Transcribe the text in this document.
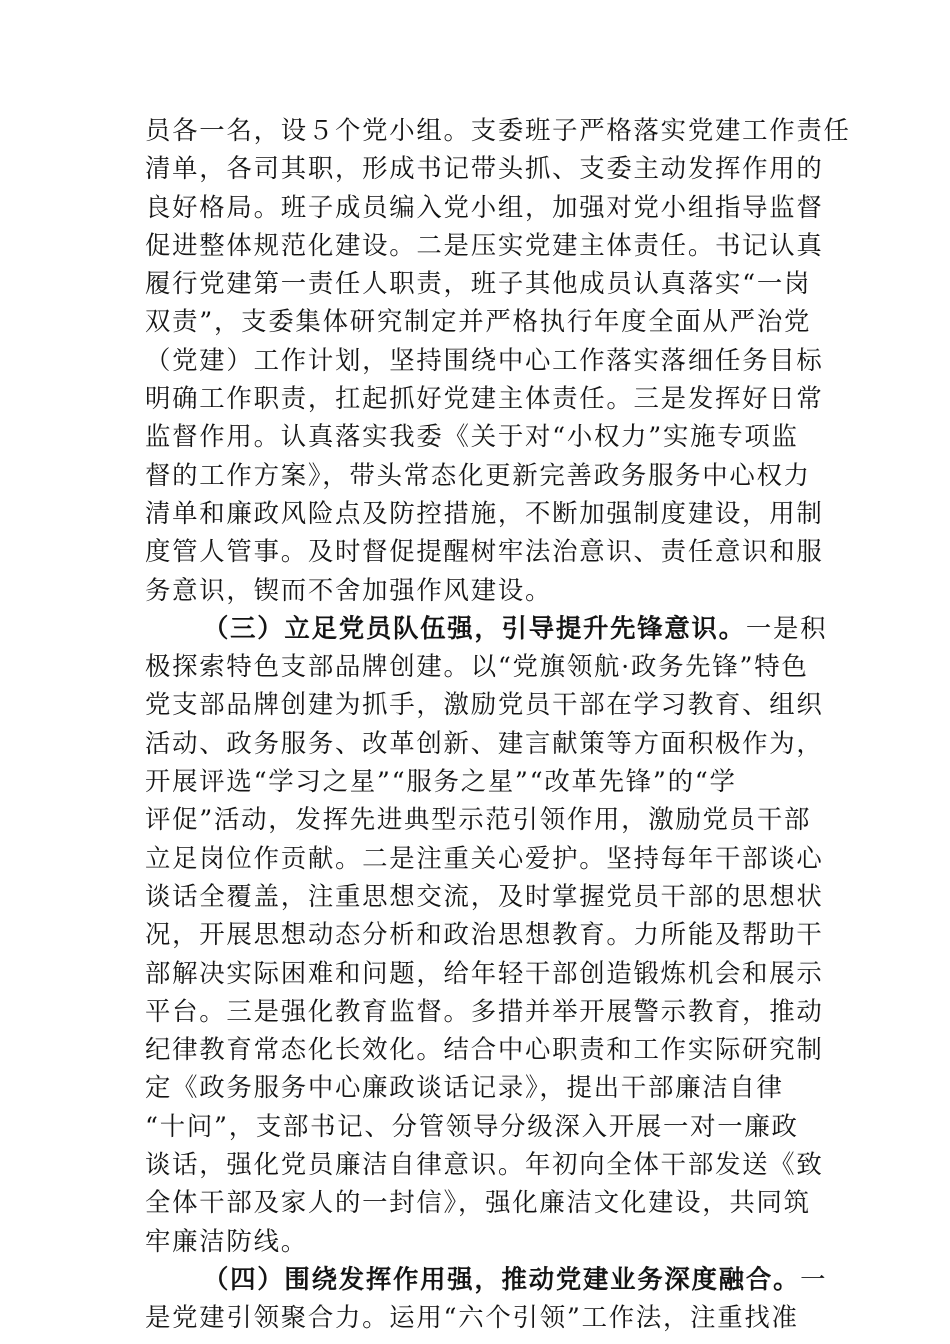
员各一名，设５个党小组。支委班子严格落实党建工作责任
清单，各司其职，形成书记带头抓、支委主动发挥作用的
良好格局。班子成员编入党小组，加强对党小组指导监督
促进整体规范化建设。二是压实党建主体责任。书记认真
履行党建第一责任人职责，班子其他成员认真落实“一岗
双责”，支委集体研究制定并严格执行年度全面从严治党
（党建）工作计划，坚持围绕中心工作落实落细任务目标
明确工作职责，扛起抓好党建主体责任。三是发挥好日常
监督作用。认真落实我委《关于对“小权力”实施专项监
督的工作方案》，带头常态化更新完善政务服务中心权力
清单和廉政风险点及防控措施，不断加强制度建设，用制
度管人管事。及时督促提醒树牢法治意识、责任意识和服
务意识，锲而不舍加强作风建设。
（三）立足党员队伍强，引导提升先锋意识。一是积
极探索特色支部品牌创建。以“党旗领航·政务先锋”特色
党支部品牌创建为抓手，激励党员干部在学习教育、组织
活动、政务服务、改革创新、建言献策等方面积极作为，
开展评选“学习之星”“服务之星”“改革先锋”的“学
评促”活动，发挥先进典型示范引领作用，激励党员干部
立足岗位作贡献。二是注重关心爱护。坚持每年干部谈心
谈话全覆盖，注重思想交流，及时掌握党员干部的思想状
况，开展思想动态分析和政治思想教育。力所能及帮助干
部解决实际困难和问题，给年轻干部创造锻炼机会和展示
平台。三是强化教育监督。多措并举开展警示教育，推动
纪律教育常态化长效化。结合中心职责和工作实际研究制
定《政务服务中心廉政谈话记录》，提出干部廉洁自律
“十问”，支部书记、分管领导分级深入开展一对一廉政
谈话，强化党员廉洁自律意识。年初向全体干部发送《致
全体干部及家人的一封信》，强化廉洁文化建设，共同筑
牢廉洁防线。
（四）围绕发挥作用强，推动党建业务深度融合。一
是党建引领聚合力。运用“六个引领”工作法，注重找准
